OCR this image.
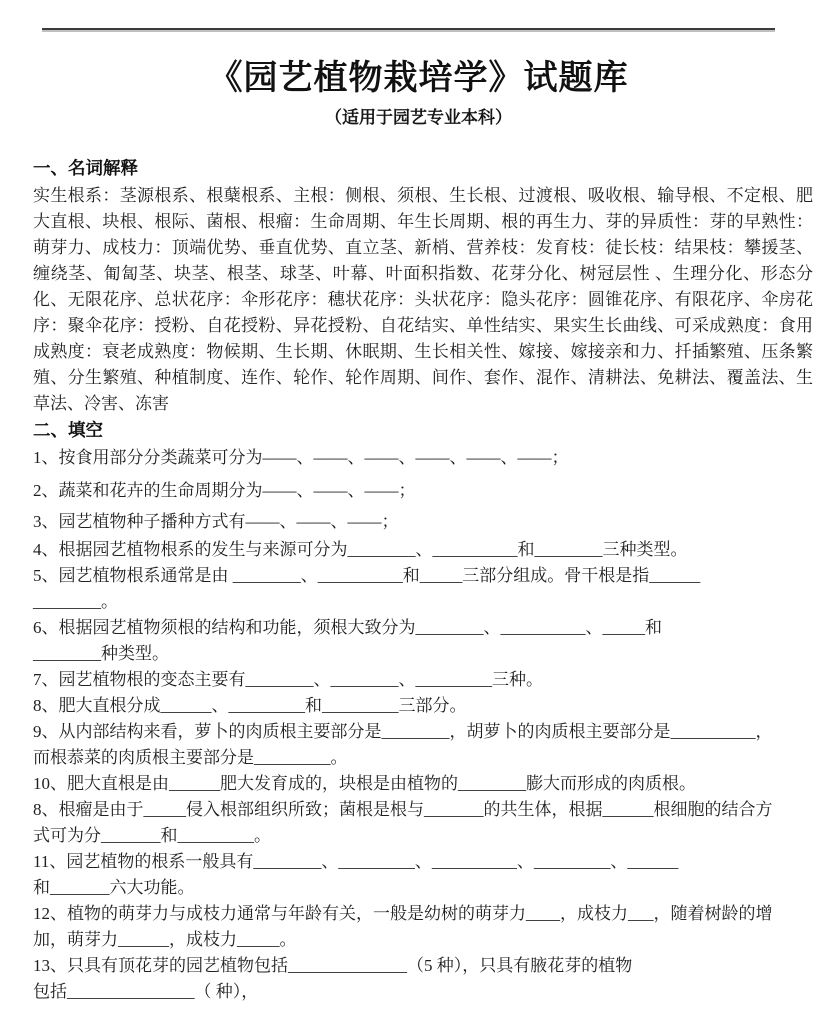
《园艺植物栽培学》试题库
（适用于园艺专业本科）
一、名词解释
实生根系：茎源根系、根蘖根系、主根：侧根、须根、生长根、过渡根、吸收根、输导根、不定根、肥大直根、块根、根际、菌根、根瘤：生命周期、年生长周期、根的再生力、芽的异质性：芽的早熟性：萌芽力、成枝力：顶端优势、垂直优势、直立茎、新梢、营养枝：发育枝：徒长枝：结果枝：攀援茎、缠绕茎、匍匐茎、块茎、根茎、球茎、叶幕、叶面积指数、花芽分化、树冠层性 、生理分化、形态分化、无限花序、总状花序：伞形花序：穗状花序：头状花序：隐头花序：圆锥花序、有限花序、伞房花序：聚伞花序：授粉、自花授粉、异花授粉、自花结实、单性结实、果实生长曲线、可采成熟度：食用成熟度：衰老成熟度：物候期、生长期、休眠期、生长相关性、嫁接、嫁接亲和力、扦插繁殖、压条繁殖、分生繁殖、种植制度、连作、轮作、轮作周期、间作、套作、混作、清耕法、免耕法、覆盖法、生草法、冷害、冻害
二、填空
1、按食用部分分类蔬菜可分为——、——、——、——、——、——；
2、蔬菜和花卉的生命周期分为——、——、——；
3、园艺植物种子播种方式有——、——、——；
4、根据园艺植物根系的发生与来源可分为________、__________和________三种类型。
5、园艺植物根系通常是由 ________、__________和_____三部分组成。骨干根是指______
________。
6、根据园艺植物须根的结构和功能，须根大致分为________、__________、_____和
________种类型。
7、园艺植物根的变态主要有________、________、_________三种。
8、肥大直根分成______、_________和_________三部分。
9、从内部结构来看，萝卜的肉质根主要部分是________，胡萝卜的肉质根主要部分是__________，
而根菾菜的肉质根主要部分是_________。
10、肥大直根是由______肥大发育成的，块根是由植物的________膨大而形成的肉质根。
8、根瘤是由于_____侵入根部组织所致；菌根是根与_______的共生体，根据______根细胞的结合方
式可为分_______和_________。
11、园艺植物的根系一般具有________、_________、__________、_________、______
和_______六大功能。
12、植物的萌芽力与成枝力通常与年龄有关，一般是幼树的萌芽力____，成枝力___，随着树龄的增
加，萌芽力______，成枝力_____。
13、只具有顶花芽的园艺植物包括______________（5 种），只具有腋花芽的植物
包括_______________（ 种），
